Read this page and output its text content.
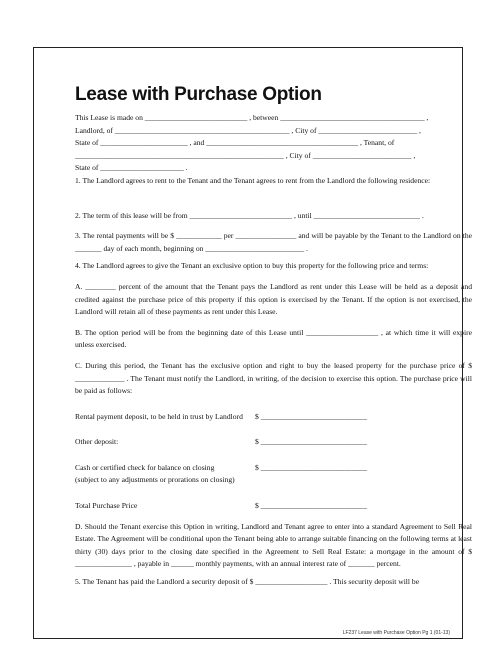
Lease with Purchase Option
This Lease is made on ___________________________ , between ______________________________________ ,
Landlord, of ______________________________________________ , City of __________________________ ,
State of _______________________ , and ________________________________________ , Tenant, of
_______________________________________________________ , City of __________________________ ,
State of ______________________ .

1. The Landlord agrees to rent to the Tenant and the Tenant agrees to rent from the Landlord the following residence:

2. The term of this lease will be from ___________________________ , until ____________________________ .

3. The rental payments will be $ ____________ per ________________ and will be payable by the Tenant to the Landlord on the _______ day of each month, beginning on __________________________ .

4. The Landlord agrees to give the Tenant an exclusive option to buy this property for the following price and terms:

A. ________ percent of the amount that the Tenant pays the Landlord as rent under this Lease will be held as a deposit and credited against the purchase price of this property if this option is exercised by the Tenant. If the option is not exercised, the Landlord will retain all of these payments as rent under this Lease.

B. The option period will be from the beginning date of this Lease until ___________________ , at which time it will expire unless exercised.

C. During this period, the Tenant has the exclusive option and right to buy the leased property for the purchase price of $ _____________ . The Tenant must notify the Landlord, in writing, of the decision to exercise this option. The purchase price will be paid as follows:

Rental payment deposit, to be held in trust by Landlord $ ____________________________
Other deposit:	$ ____________________________
Cash or certified check for balance on closing	$ ____________________________
(subject to any adjustments or prorations on closing)
Total Purchase Price	$ ____________________________

D. Should the Tenant exercise this Option in writing, Landlord and Tenant agree to enter into a standard Agreement to Sell Real Estate. The Agreement will be conditional upon the Tenant being able to arrange suitable financing on the following terms at least thirty (30) days prior to the closing date specified in the Agreement to Sell Real Estate: a mortgage in the amount of $ _______________ , payable in ______ monthly payments, with an annual interest rate of _______ percent.

5. The Tenant has paid the Landlord a security deposit of $ ___________________ . This security deposit will be

LF237 Lease with Purchase Option Pg 1 (01-13)
